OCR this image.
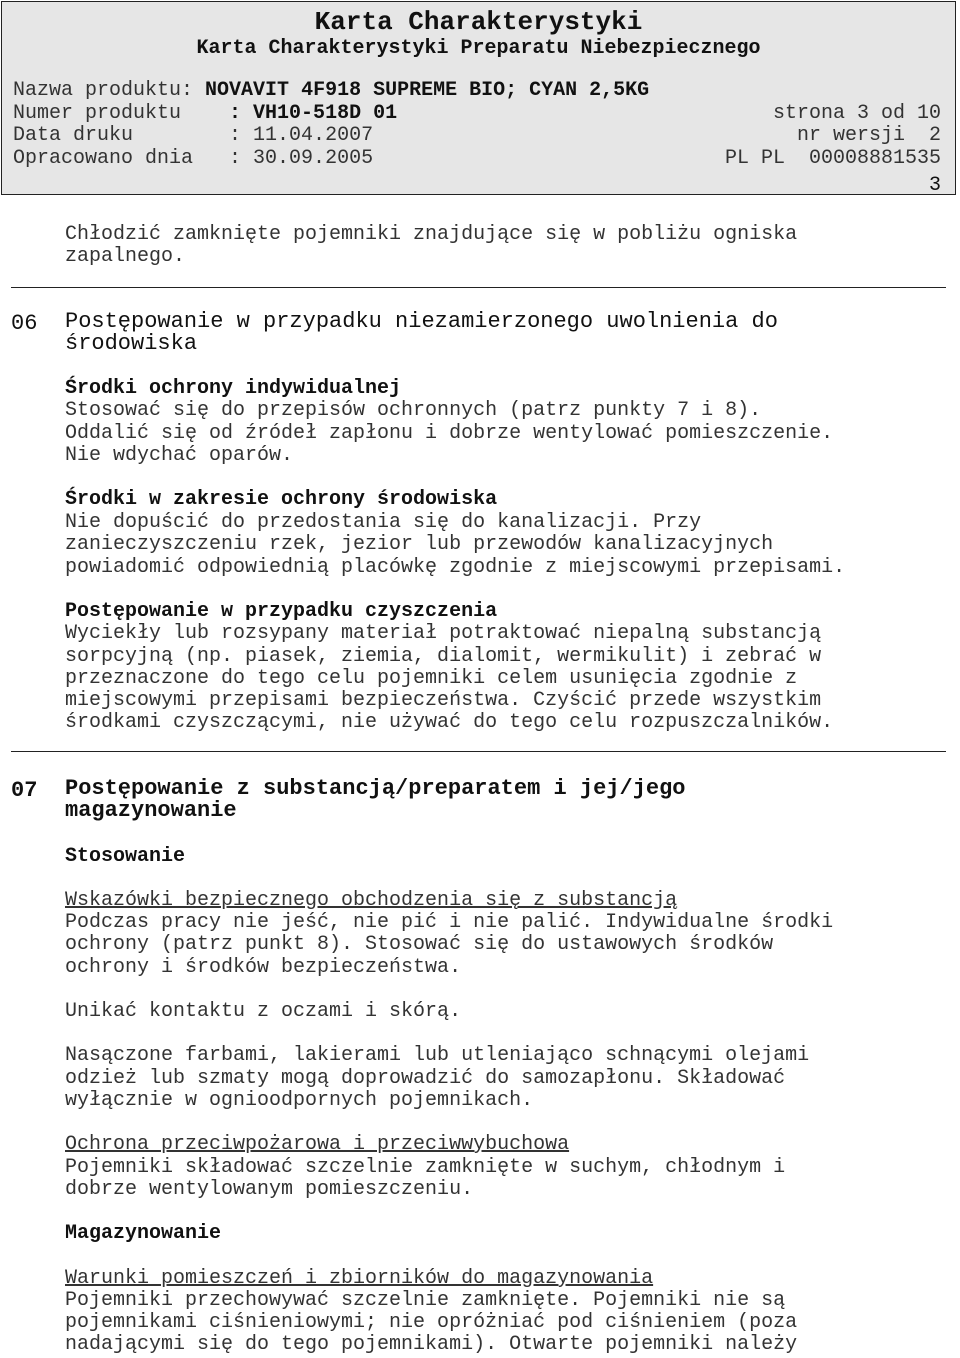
Karta Charakterystyki
Karta Charakterystyki Preparatu Niebezpiecznego
Nazwa produktu: NOVAVIT 4F918 SUPREME BIO; CYAN 2,5KG
Numer produktu : VH10-518D 01	strona 3 od 10
Data druku	: 11.04.2007	nr wersji  2
Opracowano dnia : 30.09.2005	PL PL  00008881535
3
Chłodzić zamknięte pojemniki znajdujące się w pobliżu ogniska
zapalnego.
06 Postępowanie w przypadku niezamierzonego uwolnienia do
środowiska
Środki ochrony indywidualnej
Stosować się do przepisów ochronnych (patrz punkty 7 i 8).
Oddalić się od źródeł zapłonu i dobrze wentylować pomieszczenie.
Nie wdychać oparów.
Środki w zakresie ochrony środowiska
Nie dopuścić do przedostania się do kanalizacji. Przy
zanieczyszczeniu rzek, jezior lub przewodów kanalizacyjnych
powiadomić odpowiednią placówkę zgodnie z miejscowymi przepisami.
Postępowanie w przypadku czyszczenia
Wyciekły lub rozsypany materiał potraktować niepalną substancją
sorpcyjną (np. piasek, ziemia, dialomit, wermikulit) i zebrać w
przeznaczone do tego celu pojemniki celem usunięcia zgodnie z
miejscowymi przepisami bezpieczeństwa. Czyścić przede wszystkim
środkami czyszczącymi, nie używać do tego celu rozpuszczalników.
07 Postępowanie z substancją/preparatem i jej/jego
magazynowanie
Stosowanie
Wskazówki bezpiecznego obchodzenia się z substancją
Podczas pracy nie jeść, nie pić i nie palić. Indywidualne środki
ochrony (patrz punkt 8). Stosować się do ustawowych środków
ochrony i środków bezpieczeństwa.
Unikać kontaktu z oczami i skórą.
Nasączone farbami, lakierami lub utleniająco schnącymi olejami
odzież lub szmaty mogą doprowadzić do samozapłonu. Składować
wyłącznie w ognioodpornych pojemnikach.
Ochrona przeciwpożarowa i przeciwwybuchowa
Pojemniki składować szczelnie zamknięte w suchym, chłodnym i
dobrze wentylowanym pomieszczeniu.
Magazynowanie
Warunki pomieszczeń i zbiorników do magazynowania
Pojemniki przechowywać szczelnie zamknięte. Pojemniki nie są
pojemnikami ciśnieniowymi; nie opróżniać pod ciśnieniem (poza
nadającymi się do tego pojemnikami). Otwarte pojemniki należy
